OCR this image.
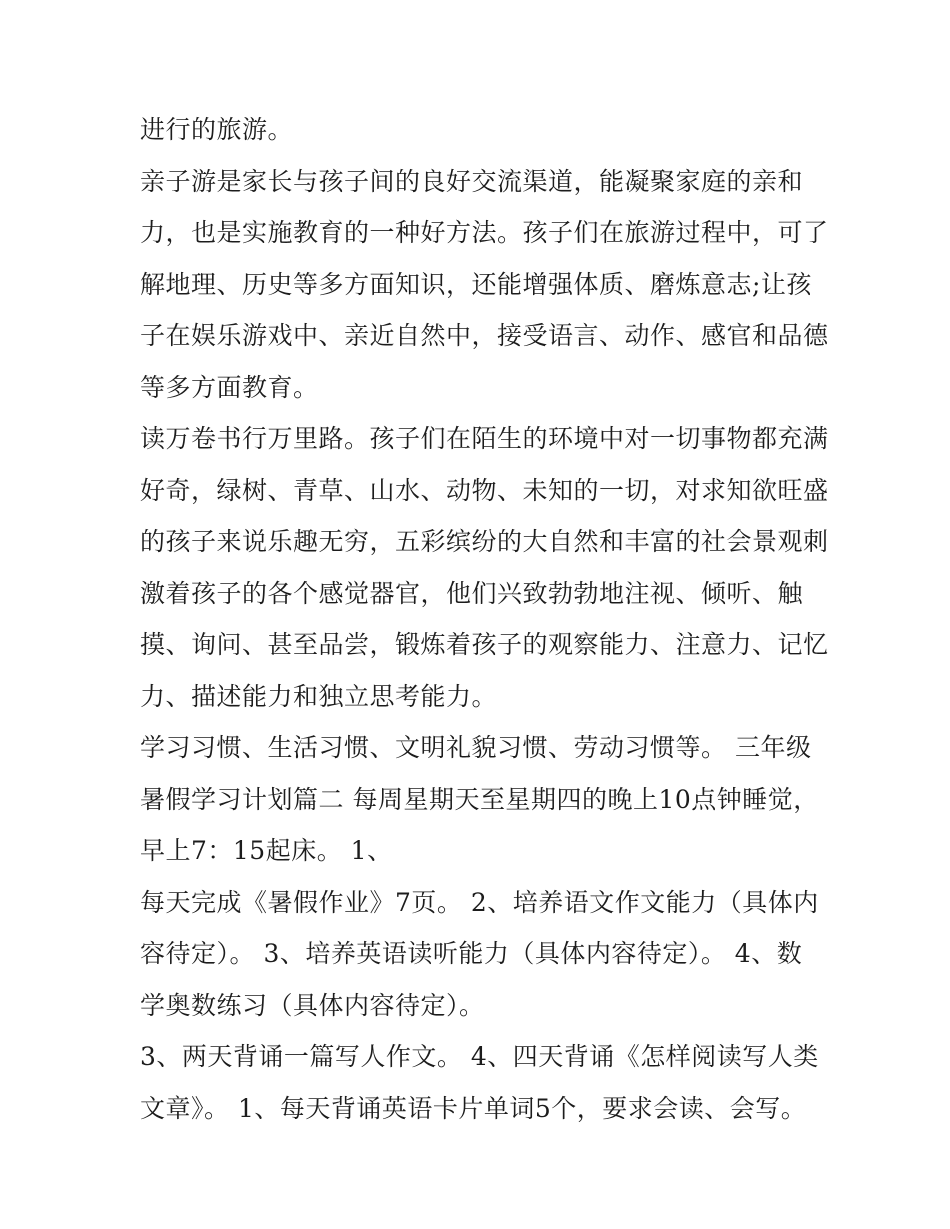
进行的旅游。

亲子游是家长与孩子间的良好交流渠道，能凝聚家庭的亲和
力，也是实施教育的一种好方法。孩子们在旅游过程中，可了
解地理、历史等多方面知识，还能增强体质、磨炼意志;让孩
子在娱乐游戏中、亲近自然中，接受语言、动作、感官和品德
等多方面教育。

读万卷书行万里路。孩子们在陌生的环境中对一切事物都充满
好奇，绿树、青草、山水、动物、未知的一切，对求知欲旺盛
的孩子来说乐趣无穷，五彩缤纷的大自然和丰富的社会景观刺
激着孩子的各个感觉器官，他们兴致勃勃地注视、倾听、触
摸、询问、甚至品尝，锻炼着孩子的观察能力、注意力、记忆
力、描述能力和独立思考能力。

学习习惯、生活习惯、文明礼貌习惯、劳动习惯等。 三年级
暑假学习计划篇二 每周星期天至星期四的晚上10点钟睡觉，
早上7：15起床。 1、

每天完成《暑假作业》7页。 2、培养语文作文能力（具体内
容待定）。 3、培养英语读听能力（具体内容待定）。 4、数
学奥数练习（具体内容待定）。

3、两天背诵一篇写人作文。 4、四天背诵《怎样阅读写人类
文章》。 1、每天背诵英语卡片单词5个，要求会读、会写。
